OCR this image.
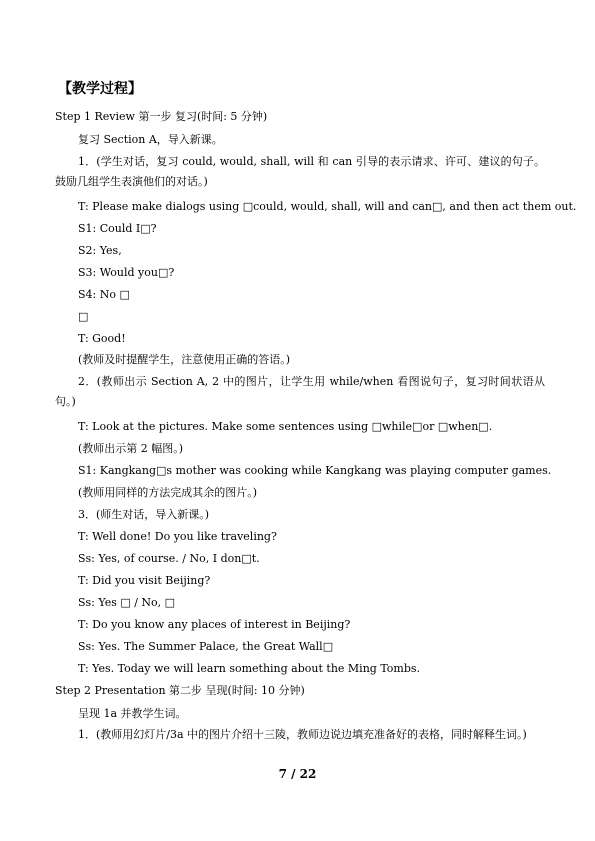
【教学过程】
Step 1 Review 第一步 复习(时间: 5 分钟)
复习 Section A，导入新课。
1．(学生对话，复习 could, would, shall, will 和 can 引导的表示请求、许可、建议的句子。鼓励几组学生表演他们的对话。)
T: Please make dialogs using □could, would, shall, will and can□, and then act them out.
S1: Could I□?
S2: Yes,
S3: Would you□?
S4: No □
□
T: Good!
(教师及时提醒学生，注意使用正确的答语。)
2．(教师出示 Section A, 2 中的图片，让学生用 while/when 看图说句子，复习时间状语从句。)
T: Look at the pictures. Make some sentences using □while□or □when□.
(教师出示第 2 幅图。)
S1: Kangkang□s mother was cooking while Kangkang was playing computer games.
(教师用同样的方法完成其余的图片。)
3．(师生对话，导入新课。)
T: Well done! Do you like traveling?
Ss: Yes, of course. / No, I don□t.
T: Did you visit Beijing?
Ss: Yes □ / No, □
T: Do you know any places of interest in Beijing?
Ss: Yes. The Summer Palace, the Great Wall□
T: Yes. Today we will learn something about the Ming Tombs.
Step 2 Presentation 第二步 呈现(时间: 10 分钟)
呈现 1a 并教学生词。
1．(教师用幻灯片/3a 中的图片介绍十三陵，教师边说边填充准备好的表格，同时解释生词。)
7 / 22
